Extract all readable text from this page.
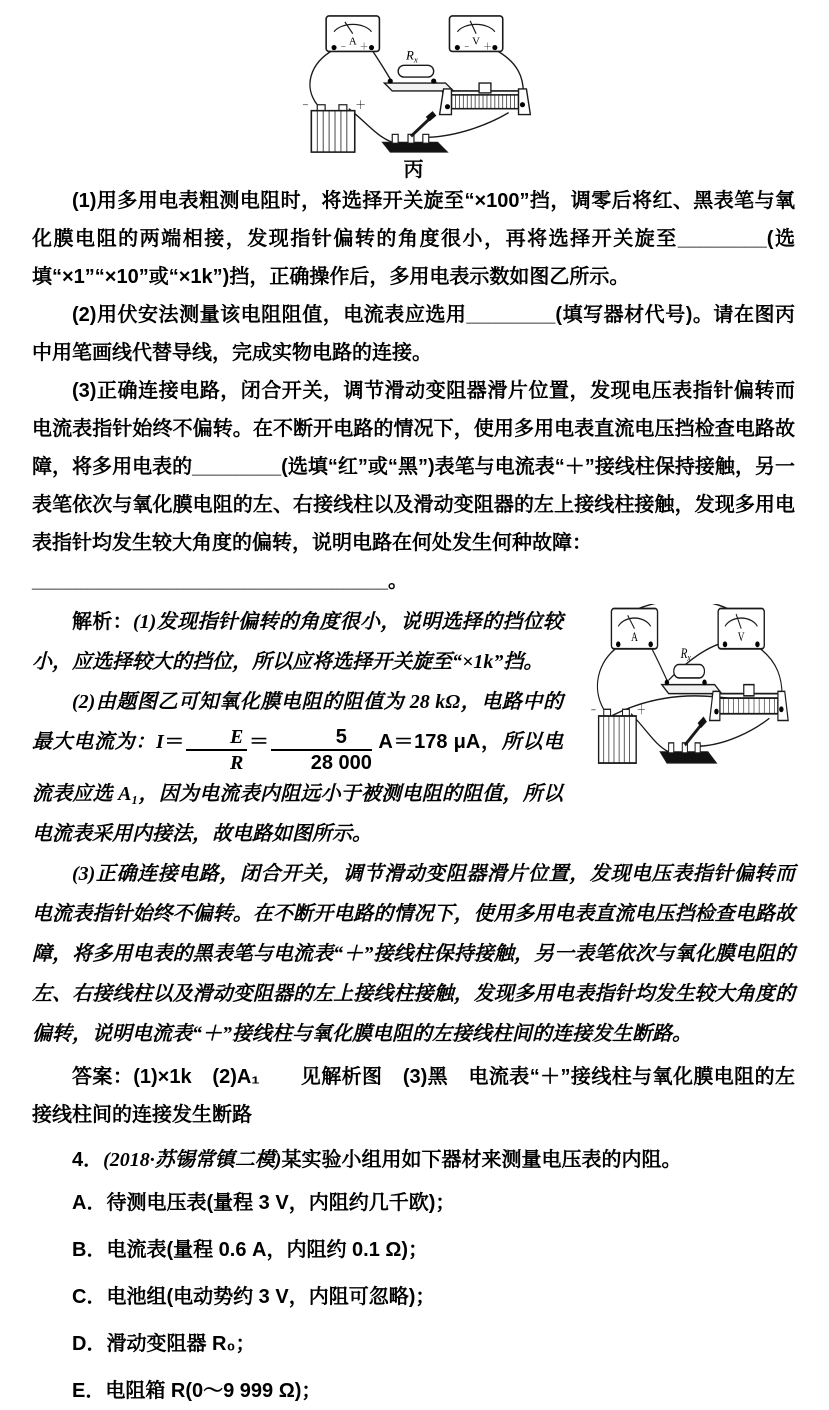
A
− ＋	V
− ＋
$R_x$
−	＋
丙

(1)用多用电表粗测电阻时，将选择开关旋至“×100”挡，调零后将红、黑表笔与氧化膜电阻的两端相接，发现指针偏转的角度很小，再将选择开关旋至________(选填“×1”“×10”或“×1k”)挡，正确操作后，多用电表示数如图乙所示。

(2)用伏安法测量该电阻阻值，电流表应选用________(填写器材代号)。请在图丙中用笔画线代替导线，完成实物电路的连接。

(3)正确连接电路，闭合开关，调节滑动变阻器滑片位置，发现电压表指针偏转而电流表指针始终不偏转。在不断开电路的情况下，使用多用电表直流电压挡检查电路故障，将多用电表的________(选填“红”或“黑”)表笔与电流表“＋”接线柱保持接触，另一表笔依次与氧化膜电阻的左、右接线柱以及滑动变阻器的左上接线柱接触，发现多用电表指针均发生较大角度的偏转，说明电路在何处发生何种故障：

________________________________。

A	V
$R_x$
−	＋

解析：(1)发现指针偏转的角度很小，说明选择的挡位较小，应选择较大的挡位，所以应将选择开关旋至“×1k”挡。

(2)由题图乙可知氧化膜电阻的阻值为 28 kΩ，电路中的最大电流为：$I= \frac{E}{R} = \frac{5}{28 000} A=178$ μA，所以电流表应选 A₁，因为电流表内阻远小于被测电阻的阻值，所以电流表采用内接法，故电路如图所示。

(3)正确连接电路，闭合开关，调节滑动变阻器滑片位置，发现电压表指针偏转而电流表指针始终不偏转。在不断开电路的情况下，使用多用电表直流电压挡检查电路故障，将多用电表的黑表笔与电流表“＋”接线柱保持接触，另一表笔依次与氧化膜电阻的左、右接线柱以及滑动变阻器的左上接线柱接触，发现多用电表指针均发生较大角度的偏转，说明电流表“＋”接线柱与氧化膜电阻的左接线柱间的连接发生断路。

答案：(1)×1k　(2)A₁　　见解析图　(3)黑　电流表“＋”接线柱与氧化膜电阻的左接线柱间的连接发生断路

4．(2018·苏锡常镇二模)某实验小组用如下器材来测量电压表的内阻。

A．待测电压表(量程 3 V，内阻约几千欧)；
B．电流表(量程 0.6 A，内阻约 0.1 Ω)；
C．电池组(电动势约 3 V，内阻可忽略)；
D．滑动变阻器 R₀；
E．电阻箱 R(0～9 999 Ω)；
